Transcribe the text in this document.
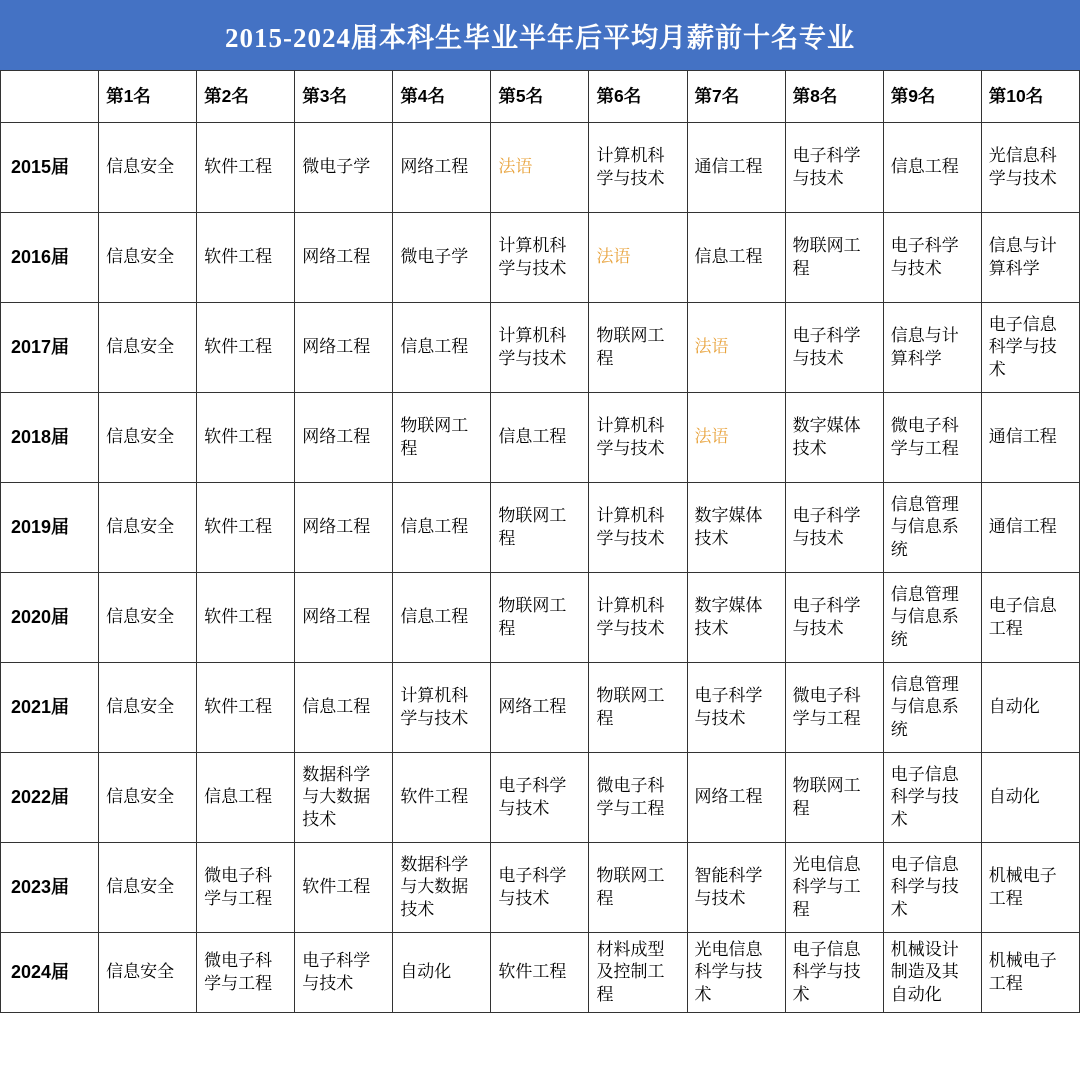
2015-2024届本科生毕业半年后平均月薪前十名专业
	第1名	第2名	第3名	第4名	第5名	第6名	第7名	第8名	第9名	第10名
2015届	信息安全	软件工程	微电子学	网络工程	法语	计算机科学与技术	通信工程	电子科学与技术	信息工程	光信息科学与技术
2016届	信息安全	软件工程	网络工程	微电子学	计算机科学与技术	法语	信息工程	物联网工程	电子科学与技术	信息与计算科学
2017届	信息安全	软件工程	网络工程	信息工程	计算机科学与技术	物联网工程	法语	电子科学与技术	信息与计算科学	电子信息科学与技术
2018届	信息安全	软件工程	网络工程	物联网工程	信息工程	计算机科学与技术	法语	数字媒体技术	微电子科学与工程	通信工程
2019届	信息安全	软件工程	网络工程	信息工程	物联网工程	计算机科学与技术	数字媒体技术	电子科学与技术	信息管理与信息系统	通信工程
2020届	信息安全	软件工程	网络工程	信息工程	物联网工程	计算机科学与技术	数字媒体技术	电子科学与技术	信息管理与信息系统	电子信息工程
2021届	信息安全	软件工程	信息工程	计算机科学与技术	网络工程	物联网工程	电子科学与技术	微电子科学与工程	信息管理与信息系统	自动化
2022届	信息安全	信息工程	数据科学与大数据技术	软件工程	电子科学与技术	微电子科学与工程	网络工程	物联网工程	电子信息科学与技术	自动化
2023届	信息安全	微电子科学与工程	软件工程	数据科学与大数据技术	电子科学与技术	物联网工程	智能科学与技术	光电信息科学与工程	电子信息科学与技术	机械电子工程
2024届	信息安全	微电子科学与工程	电子科学与技术	自动化	软件工程	材料成型及控制工程	光电信息科学与技术	电子信息科学与技术	机械设计制造及其自动化	机械电子工程
